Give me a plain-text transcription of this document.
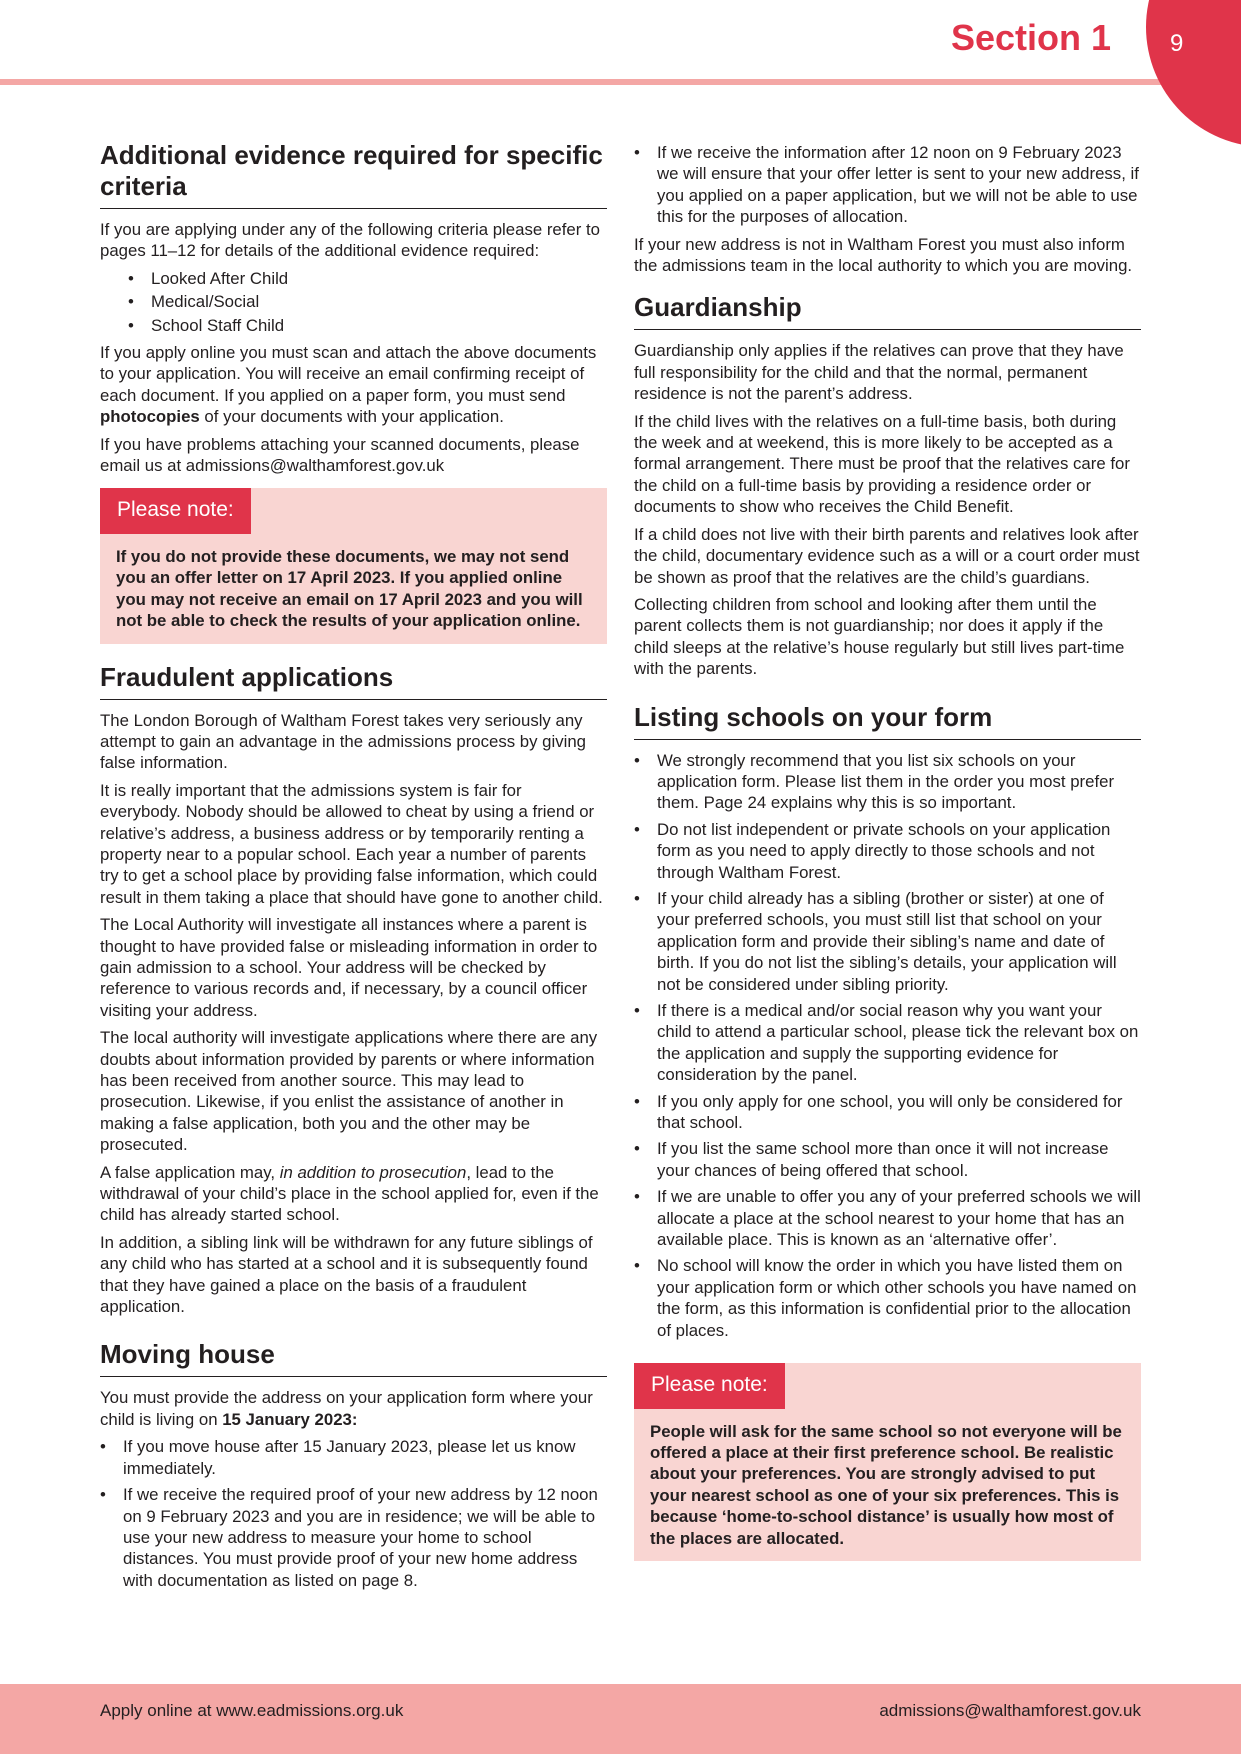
Section 1 9
Additional evidence required for specific criteria

If you are applying under any of the following criteria please refer to pages 11–12 for details of the additional evidence required:

• Looked After Child
• Medical/Social
• School Staff Child

If you apply online you must scan and attach the above documents to your application. You will receive an email confirming receipt of each document. If you applied on a paper form, you must send photocopies of your documents with your application.

If you have problems attaching your scanned documents, please email us at admissions@walthamforest.gov.uk

Please note:
If you do not provide these documents, we may not send you an offer letter on 17 April 2023. If you applied online you may not receive an email on 17 April 2023 and you will not be able to check the results of your application online.
Fraudulent applications

The London Borough of Waltham Forest takes very seriously any attempt to gain an advantage in the admissions process by giving false information.

It is really important that the admissions system is fair for everybody. Nobody should be allowed to cheat by using a friend or relative’s address, a business address or by temporarily renting a property near to a popular school. Each year a number of parents try to get a school place by providing false information, which could result in them taking a place that should have gone to another child.

The Local Authority will investigate all instances where a parent is thought to have provided false or misleading information in order to gain admission to a school. Your address will be checked by reference to various records and, if necessary, by a council officer visiting your address.

The local authority will investigate applications where there are any doubts about information provided by parents or where information has been received from another source. This may lead to prosecution. Likewise, if you enlist the assistance of another in making a false application, both you and the other may be prosecuted.

A false application may, in addition to prosecution, lead to the withdrawal of your child’s place in the school applied for, even if the child has already started school.

In addition, a sibling link will be withdrawn for any future siblings of any child who has started at a school and it is subsequently found that they have gained a place on the basis of a fraudulent application.

Moving house

You must provide the address on your application form where your child is living on 15 January 2023:

• If you move house after 15 January 2023, please let us know immediately.
• If we receive the required proof of your new address by 12 noon on 9 February 2023 and you are in residence; we will be able to use your new address to measure your home to school distances. You must provide proof of your new home address with documentation as listed on page 8.
• If we receive the information after 12 noon on 9 February 2023 we will ensure that your offer letter is sent to your new address, if you applied on a paper application, but we will not be able to use this for the purposes of allocation.

If your new address is not in Waltham Forest you must also inform the admissions team in the local authority to which you are moving.

Guardianship

Guardianship only applies if the relatives can prove that they have full responsibility for the child and that the normal, permanent residence is not the parent’s address.

If the child lives with the relatives on a full-time basis, both during the week and at weekend, this is more likely to be accepted as a formal arrangement. There must be proof that the relatives care for the child on a full-time basis by providing a residence order or documents to show who receives the Child Benefit.

If a child does not live with their birth parents and relatives look after the child, documentary evidence such as a will or a court order must be shown as proof that the relatives are the child’s guardians.

Collecting children from school and looking after them until the parent collects them is not guardianship; nor does it apply if the child sleeps at the relative’s house regularly but still lives part-time with the parents.

Listing schools on your form
• We strongly recommend that you list six schools on your application form. Please list them in the order you most prefer them. Page 24 explains why this is so important.
• Do not list independent or private schools on your application form as you need to apply directly to those schools and not through Waltham Forest.
• If your child already has a sibling (brother or sister) at one of your preferred schools, you must still list that school on your application form and provide their sibling’s name and date of birth. If you do not list the sibling’s details, your application will not be considered under sibling priority.
• If there is a medical and/or social reason why you want your child to attend a particular school, please tick the relevant box on the application and supply the supporting evidence for consideration by the panel.
• If you only apply for one school, you will only be considered for that school.
• If you list the same school more than once it will not increase your chances of being offered that school.
• If we are unable to offer you any of your preferred schools we will allocate a place at the school nearest to your home that has an available place. This is known as an ‘alternative offer’.
• No school will know the order in which you have listed them on your application form or which other schools you have named on the form, as this information is confidential prior to the allocation of places.
Please note:
People will ask for the same school so not everyone will be offered a place at their first preference school. Be realistic about your preferences. You are strongly advised to put your nearest school as one of your six preferences. This is because ‘home-to-school distance’ is usually how most of the places are allocated.
Apply online at www.eadmissions.org.uk	admissions@walthamforest.gov.uk
